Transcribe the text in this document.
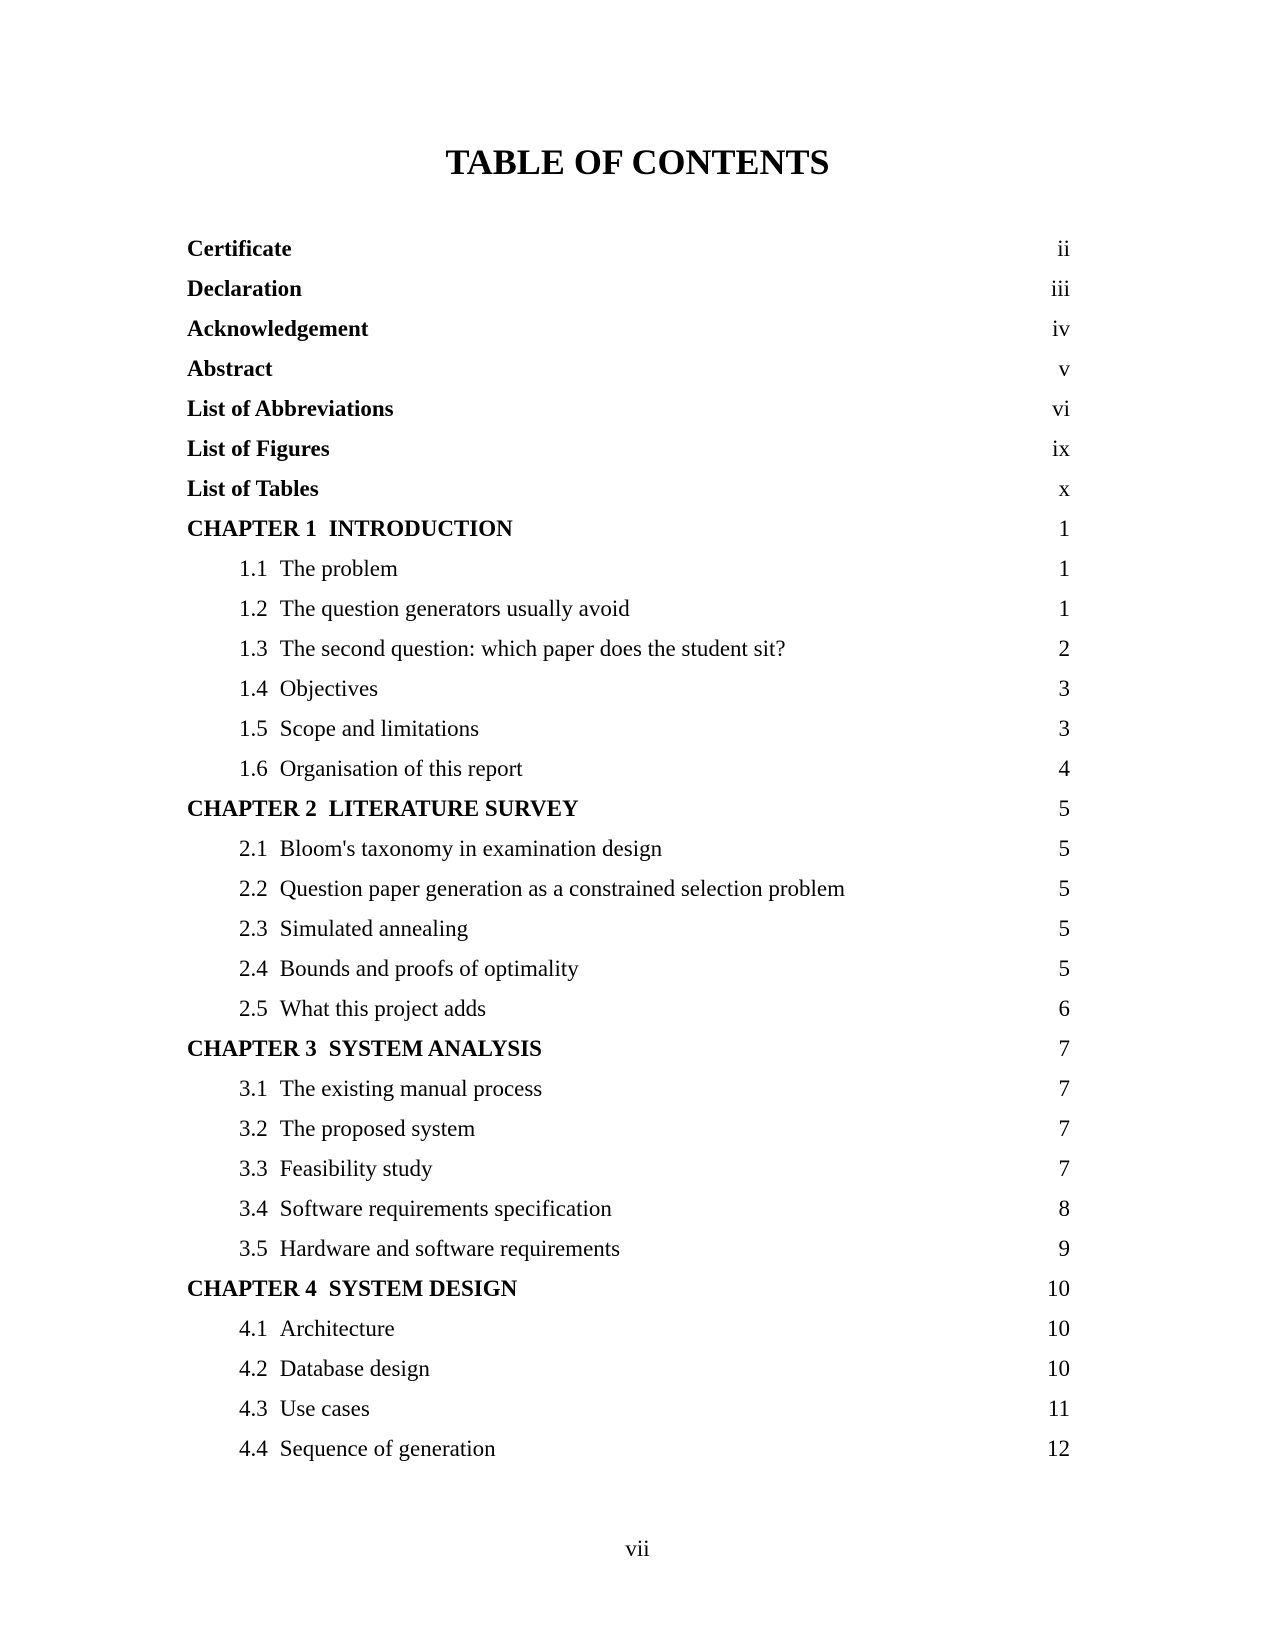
TABLE OF CONTENTS
Certificate	ii
Declaration	iii
Acknowledgement	iv
Abstract	v
List of Abbreviations	vi
List of Figures	ix
List of Tables	x
CHAPTER 1 INTRODUCTION	1
1.1 The problem	1
1.2 The question generators usually avoid	1
1.3 The second question: which paper does the student sit?	2
1.4 Objectives	3
1.5 Scope and limitations	3
1.6 Organisation of this report	4
CHAPTER 2 LITERATURE SURVEY	5
2.1 Bloom's taxonomy in examination design	5
2.2 Question paper generation as a constrained selection problem	5
2.3 Simulated annealing	5
2.4 Bounds and proofs of optimality	5
2.5 What this project adds	6
CHAPTER 3 SYSTEM ANALYSIS	7
3.1 The existing manual process	7
3.2 The proposed system	7
3.3 Feasibility study	7
3.4 Software requirements specification	8
3.5 Hardware and software requirements	9
CHAPTER 4 SYSTEM DESIGN	10
4.1 Architecture	10
4.2 Database design	10
4.3 Use cases	11
4.4 Sequence of generation	12
vii
